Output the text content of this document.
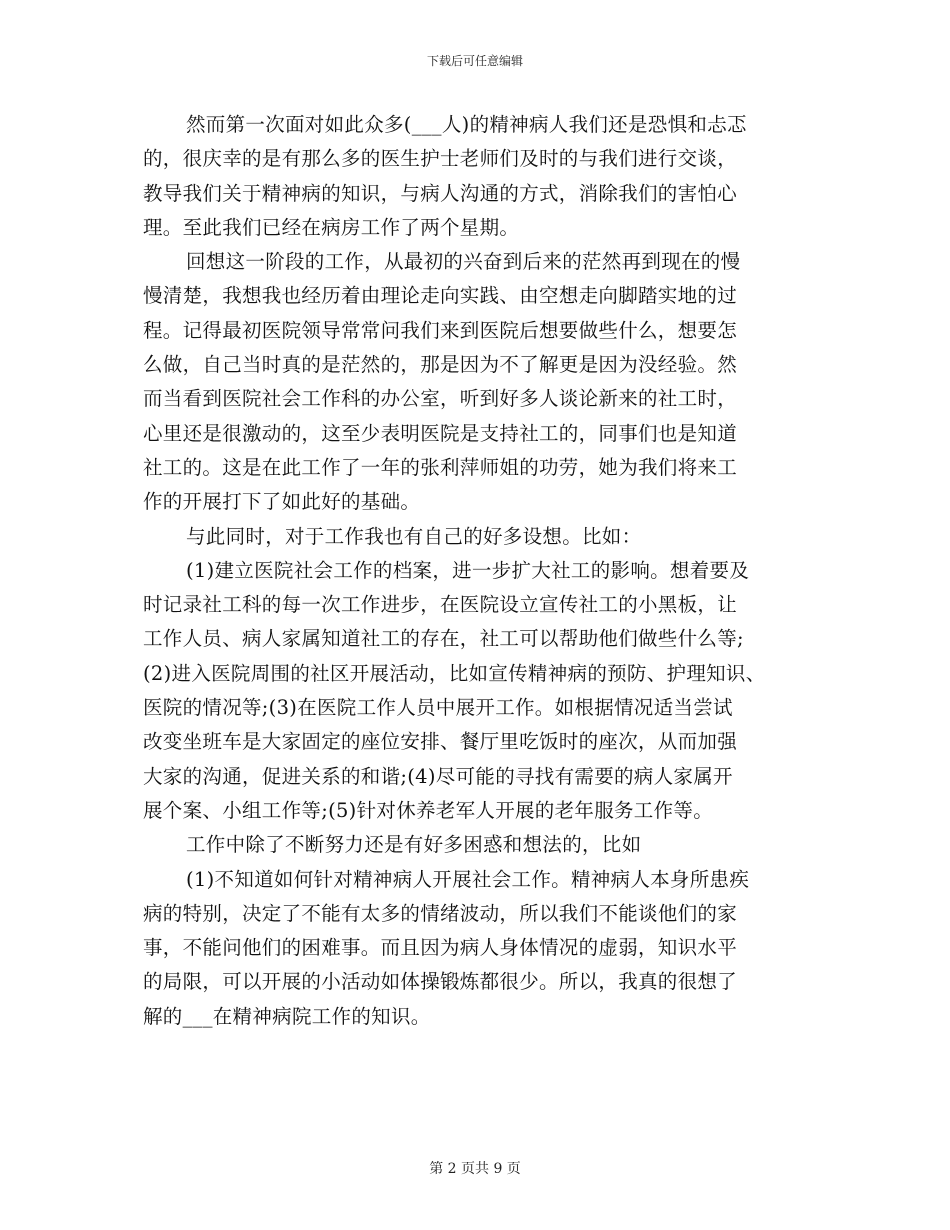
下载后可任意编辑
然而第一次面对如此众多(___人)的精神病人我们还是恐惧和忐忑
的，很庆幸的是有那么多的医生护士老师们及时的与我们进行交谈，
教导我们关于精神病的知识，与病人沟通的方式，消除我们的害怕心
理。至此我们已经在病房工作了两个星期。
回想这一阶段的工作，从最初的兴奋到后来的茫然再到现在的慢
慢清楚，我想我也经历着由理论走向实践、由空想走向脚踏实地的过
程。记得最初医院领导常常问我们来到医院后想要做些什么，想要怎
么做，自己当时真的是茫然的，那是因为不了解更是因为没经验。然
而当看到医院社会工作科的办公室，听到好多人谈论新来的社工时，
心里还是很激动的，这至少表明医院是支持社工的，同事们也是知道
社工的。这是在此工作了一年的张利萍师姐的功劳，她为我们将来工
作的开展打下了如此好的基础。
与此同时，对于工作我也有自己的好多设想。比如：
(1)建立医院社会工作的档案，进一步扩大社工的影响。想着要及
时记录社工科的每一次工作进步，在医院设立宣传社工的小黑板，让
工作人员、病人家属知道社工的存在，社工可以帮助他们做些什么等;
(2)进入医院周围的社区开展活动，比如宣传精神病的预防、护理知识、
医院的情况等;(3)在医院工作人员中展开工作。如根据情况适当尝试
改变坐班车是大家固定的座位安排、餐厅里吃饭时的座次，从而加强
大家的沟通，促进关系的和谐;(4)尽可能的寻找有需要的病人家属开
展个案、小组工作等;(5)针对休养老军人开展的老年服务工作等。
工作中除了不断努力还是有好多困惑和想法的，比如
(1)不知道如何针对精神病人开展社会工作。精神病人本身所患疾
病的特别，决定了不能有太多的情绪波动，所以我们不能谈他们的家
事，不能问他们的困难事。而且因为病人身体情况的虚弱，知识水平
的局限，可以开展的小活动如体操锻炼都很少。所以，我真的很想了
解的___在精神病院工作的知识。
第 2 页共 9 页
